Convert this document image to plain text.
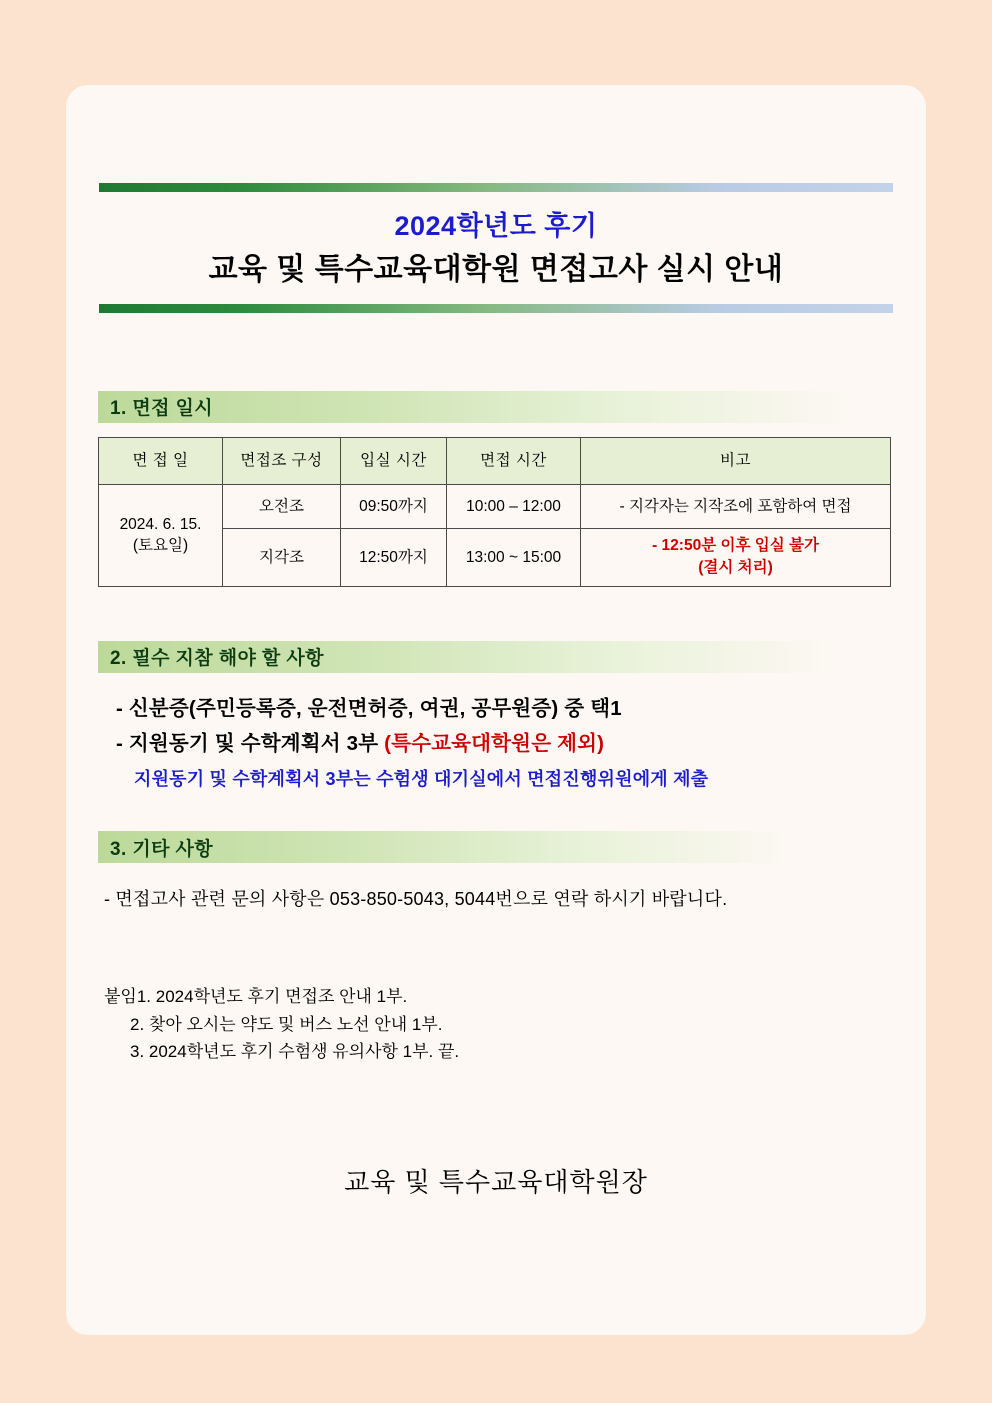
2024학년도 후기
교육 및 특수교육대학원 면접고사 실시 안내
1. 면접 일시
면 접 일	면접조 구성	입실 시간	면접 시간	비고

2024. 6. 15.
(토요일)	오전조	09:50까지	10:00 – 12:00	- 지각자는 지작조에 포함하여 면접
	지각조	12:50까지	13:00 ~ 15:00	- 12:50분 이후 입실 불가
(결시 처리)
2. 필수 지참 해야 할 사항
- 신분증(주민등록증, 운전면허증, 여권, 공무원증) 중 택1
- 지원동기 및 수학계획서 3부 (특수교육대학원은 제외)
지원동기 및 수학계획서 3부는 수험생 대기실에서 면접진행위원에게 제출
3. 기타 사항
- 면접고사 관련 문의 사항은 053-850-5043, 5044번으로 연락 하시기 바랍니다.
붙임1. 2024학년도 후기 면접조 안내 1부.
2. 찾아 오시는 약도 및 버스 노선 안내 1부.
3. 2024학년도 후기 수험생 유의사항 1부. 끝.
교육 및 특수교육대학원장
